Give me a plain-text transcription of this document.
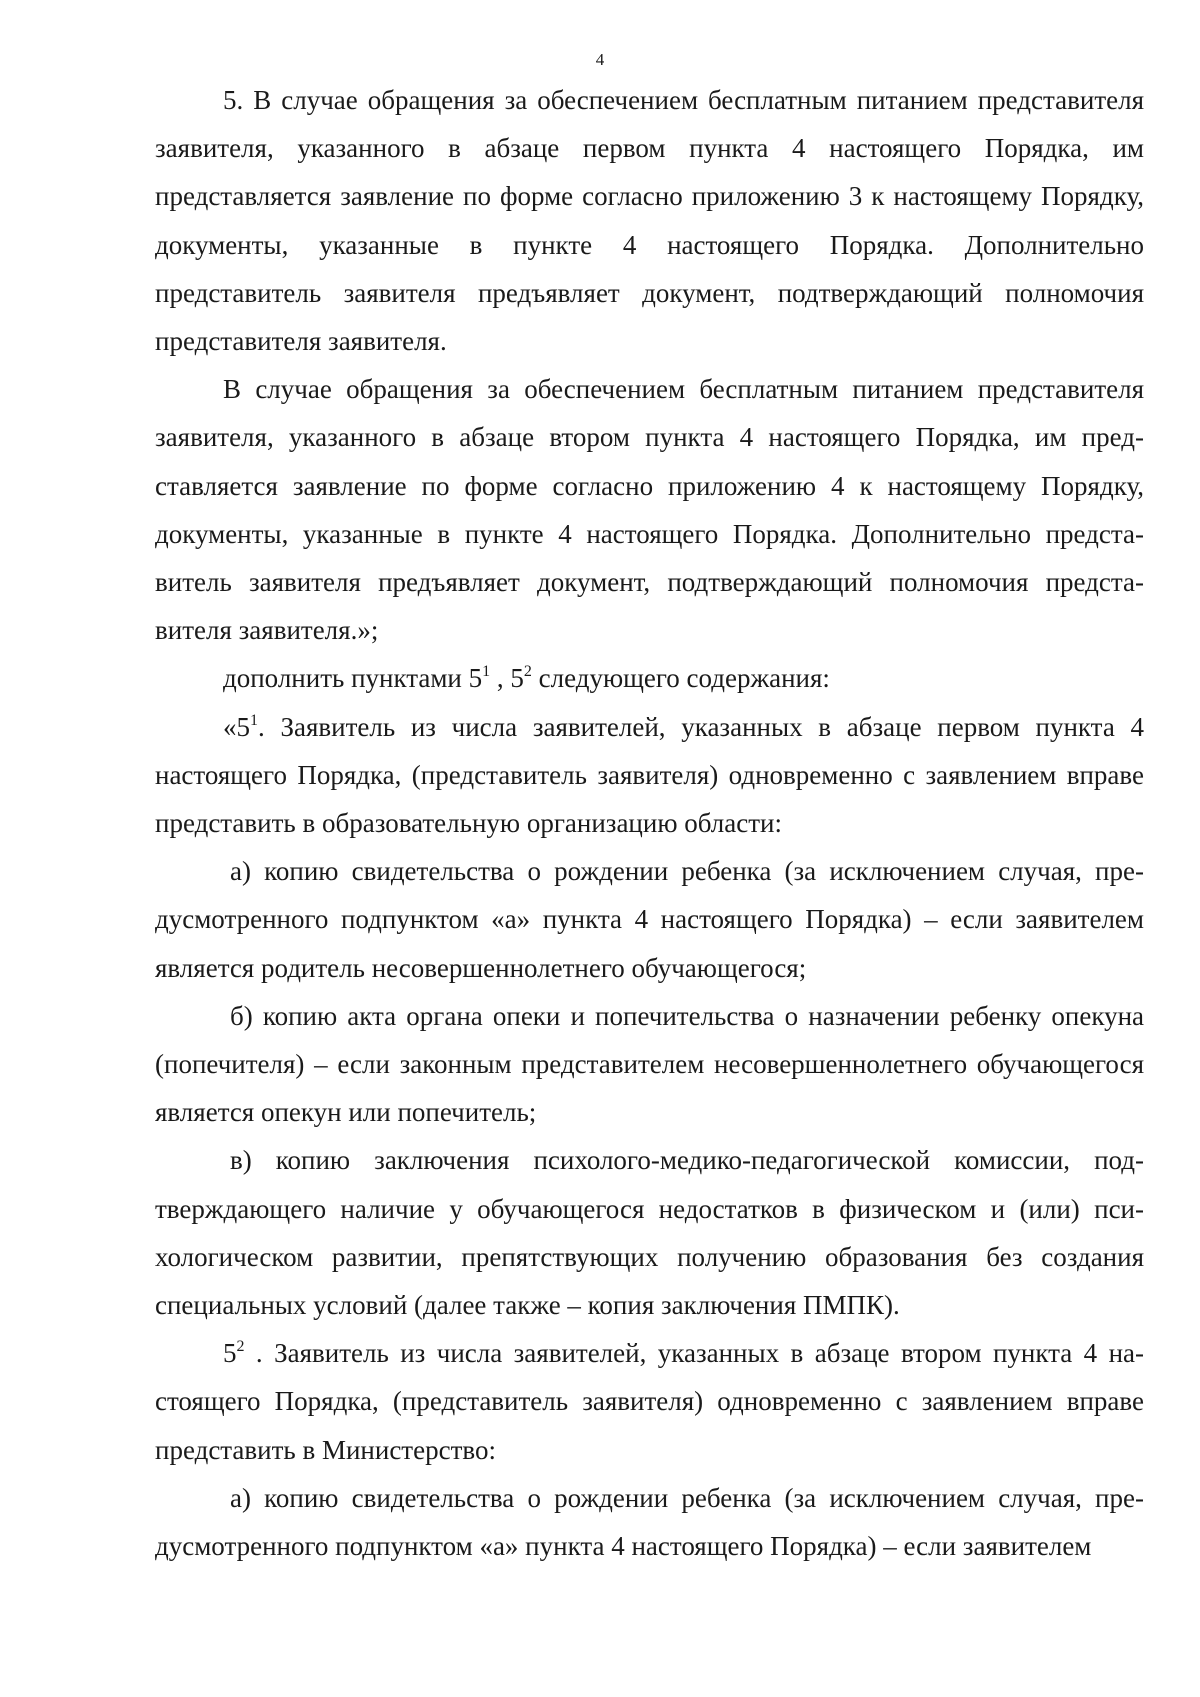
4

5. В случае обращения за обеспечением бесплатным питанием представителя заявителя, указанного в абзаце первом пункта 4 настоящего Порядка, им представляется заявление по форме согласно приложению 3 к настоящему Порядку, документы, указанные в пункте 4 настоящего Порядка. Дополнительно представитель заявителя предъявляет документ, подтверждающий полномочия представителя заявителя.

В случае обращения за обеспечением бесплатным питанием представителя заявителя, указанного в абзаце втором пункта 4 настоящего Порядка, им представляется заявление по форме согласно приложению 4 к настоящему Порядку, документы, указанные в пункте 4 настоящего Порядка. Дополнительно представитель заявителя предъявляет документ, подтверждающий полномочия представителя заявителя.»;

дополнить пунктами $5^1$ , $5^2$ следующего содержания:

«$5^1$. Заявитель из числа заявителей, указанных в абзаце первом пункта 4 настоящего Порядка, (представитель заявителя) одновременно с заявлением вправе представить в образовательную организацию области:

а) копию свидетельства о рождении ребенка (за исключением случая, предусмотренного подпунктом «а» пункта 4 настоящего Порядка) – если заявителем является родитель несовершеннолетнего обучающегося;

б) копию акта органа опеки и попечительства о назначении ребенку опекуна (попечителя) – если законным представителем несовершеннолетнего обучающегося является опекун или попечитель;

в) копию заключения психолого-медико-педагогической комиссии, подтверждающего наличие у обучающегося недостатков в физическом и (или) психологическом развитии, препятствующих получению образования без создания специальных условий (далее также – копия заключения ПМПК).

$5^2$ . Заявитель из числа заявителей, указанных в абзаце втором пункта 4 настоящего Порядка, (представитель заявителя) одновременно с заявлением вправе представить в Министерство:

а) копию свидетельства о рождении ребенка (за исключением случая, предусмотренного подпунктом «а» пункта 4 настоящего Порядка) – если заявителем
